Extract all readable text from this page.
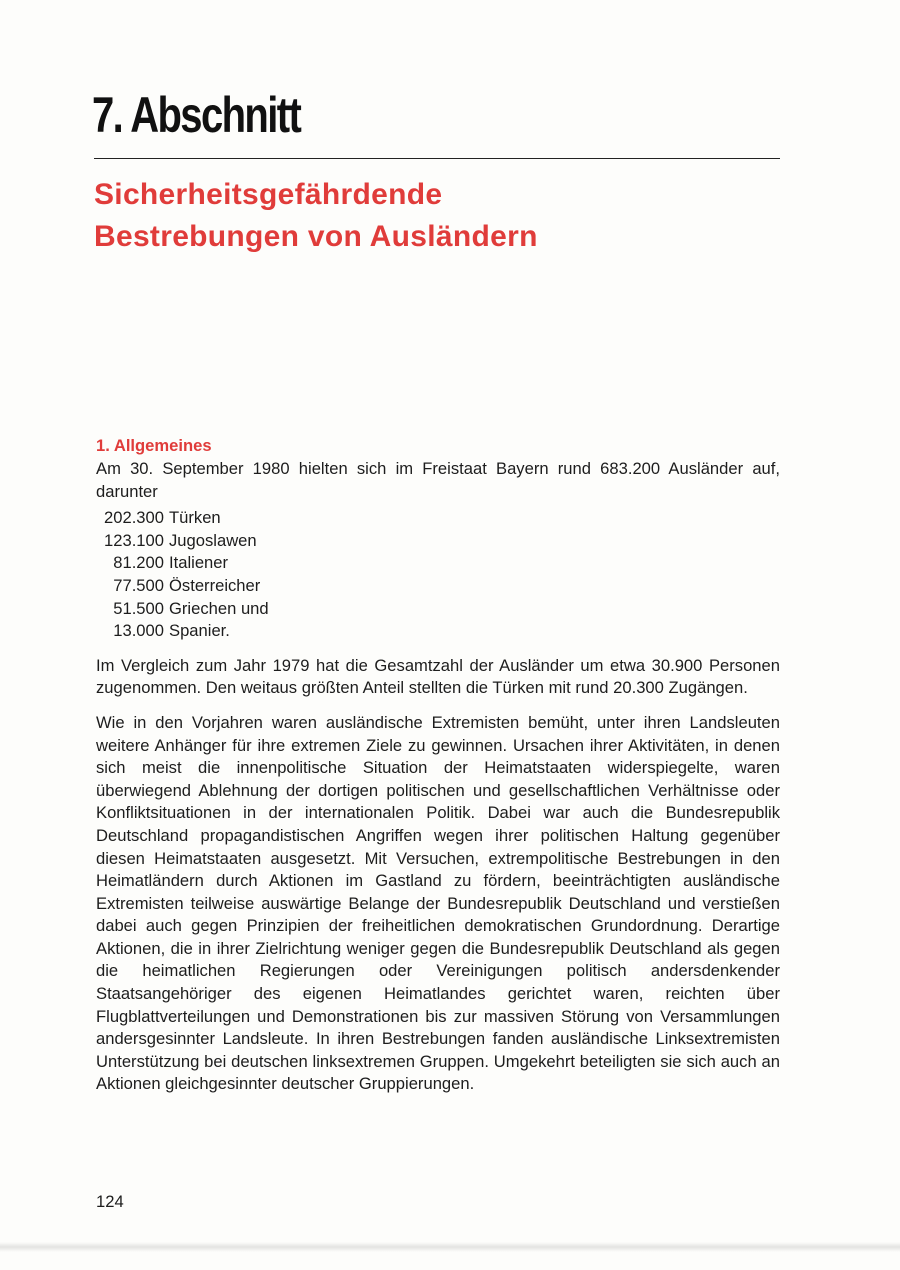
7. Abschnitt
Sicherheitsgefährdende
Bestrebungen von Ausländern
1. Allgemeines

Am 30. September 1980 hielten sich im Freistaat Bayern rund 683.200 Ausländer auf, darunter

202.300 Türken
123.100 Jugoslawen
81.200 Italiener
77.500 Österreicher
51.500 Griechen und
13.000 Spanier.

Im Vergleich zum Jahr 1979 hat die Gesamtzahl der Ausländer um etwa 30.900 Personen zugenommen. Den weitaus größten Anteil stellten die Türken mit rund 20.300 Zugängen.

Wie in den Vorjahren waren ausländische Extremisten bemüht, unter ihren Landsleuten weitere Anhänger für ihre extremen Ziele zu gewinnen. Ursachen ihrer Aktivitäten, in denen sich meist die innenpolitische Situation der Heimatstaaten widerspiegelte, waren überwiegend Ablehnung der dortigen politischen und gesellschaftlichen Verhältnisse oder Konfliktsituationen in der internationalen Politik. Dabei war auch die Bundesrepublik Deutschland propagandistischen Angriffen wegen ihrer politischen Haltung gegenüber diesen Heimatstaaten ausgesetzt. Mit Versuchen, extrempolitische Bestrebungen in den Heimatländern durch Aktionen im Gastland zu fördern, beeinträchtigten ausländische Extremisten teilweise auswärtige Belange der Bundesrepublik Deutschland und verstießen dabei auch gegen Prinzipien der freiheitlichen demokratischen Grundordnung. Derartige Aktionen, die in ihrer Zielrichtung weniger gegen die Bundesrepublik Deutschland als gegen die heimatlichen Regierungen oder Vereinigungen politisch andersdenkender Staatsangehöriger des eigenen Heimatlandes gerichtet waren, reichten über Flugblattverteilungen und Demonstrationen bis zur massiven Störung von Versammlungen andersgesinnter Landsleute. In ihren Bestrebungen fanden ausländische Linksextremisten Unterstützung bei deutschen linksextremen Gruppen. Umgekehrt beteiligten sie sich auch an Aktionen gleichgesinnter deutscher Gruppierungen.

124
